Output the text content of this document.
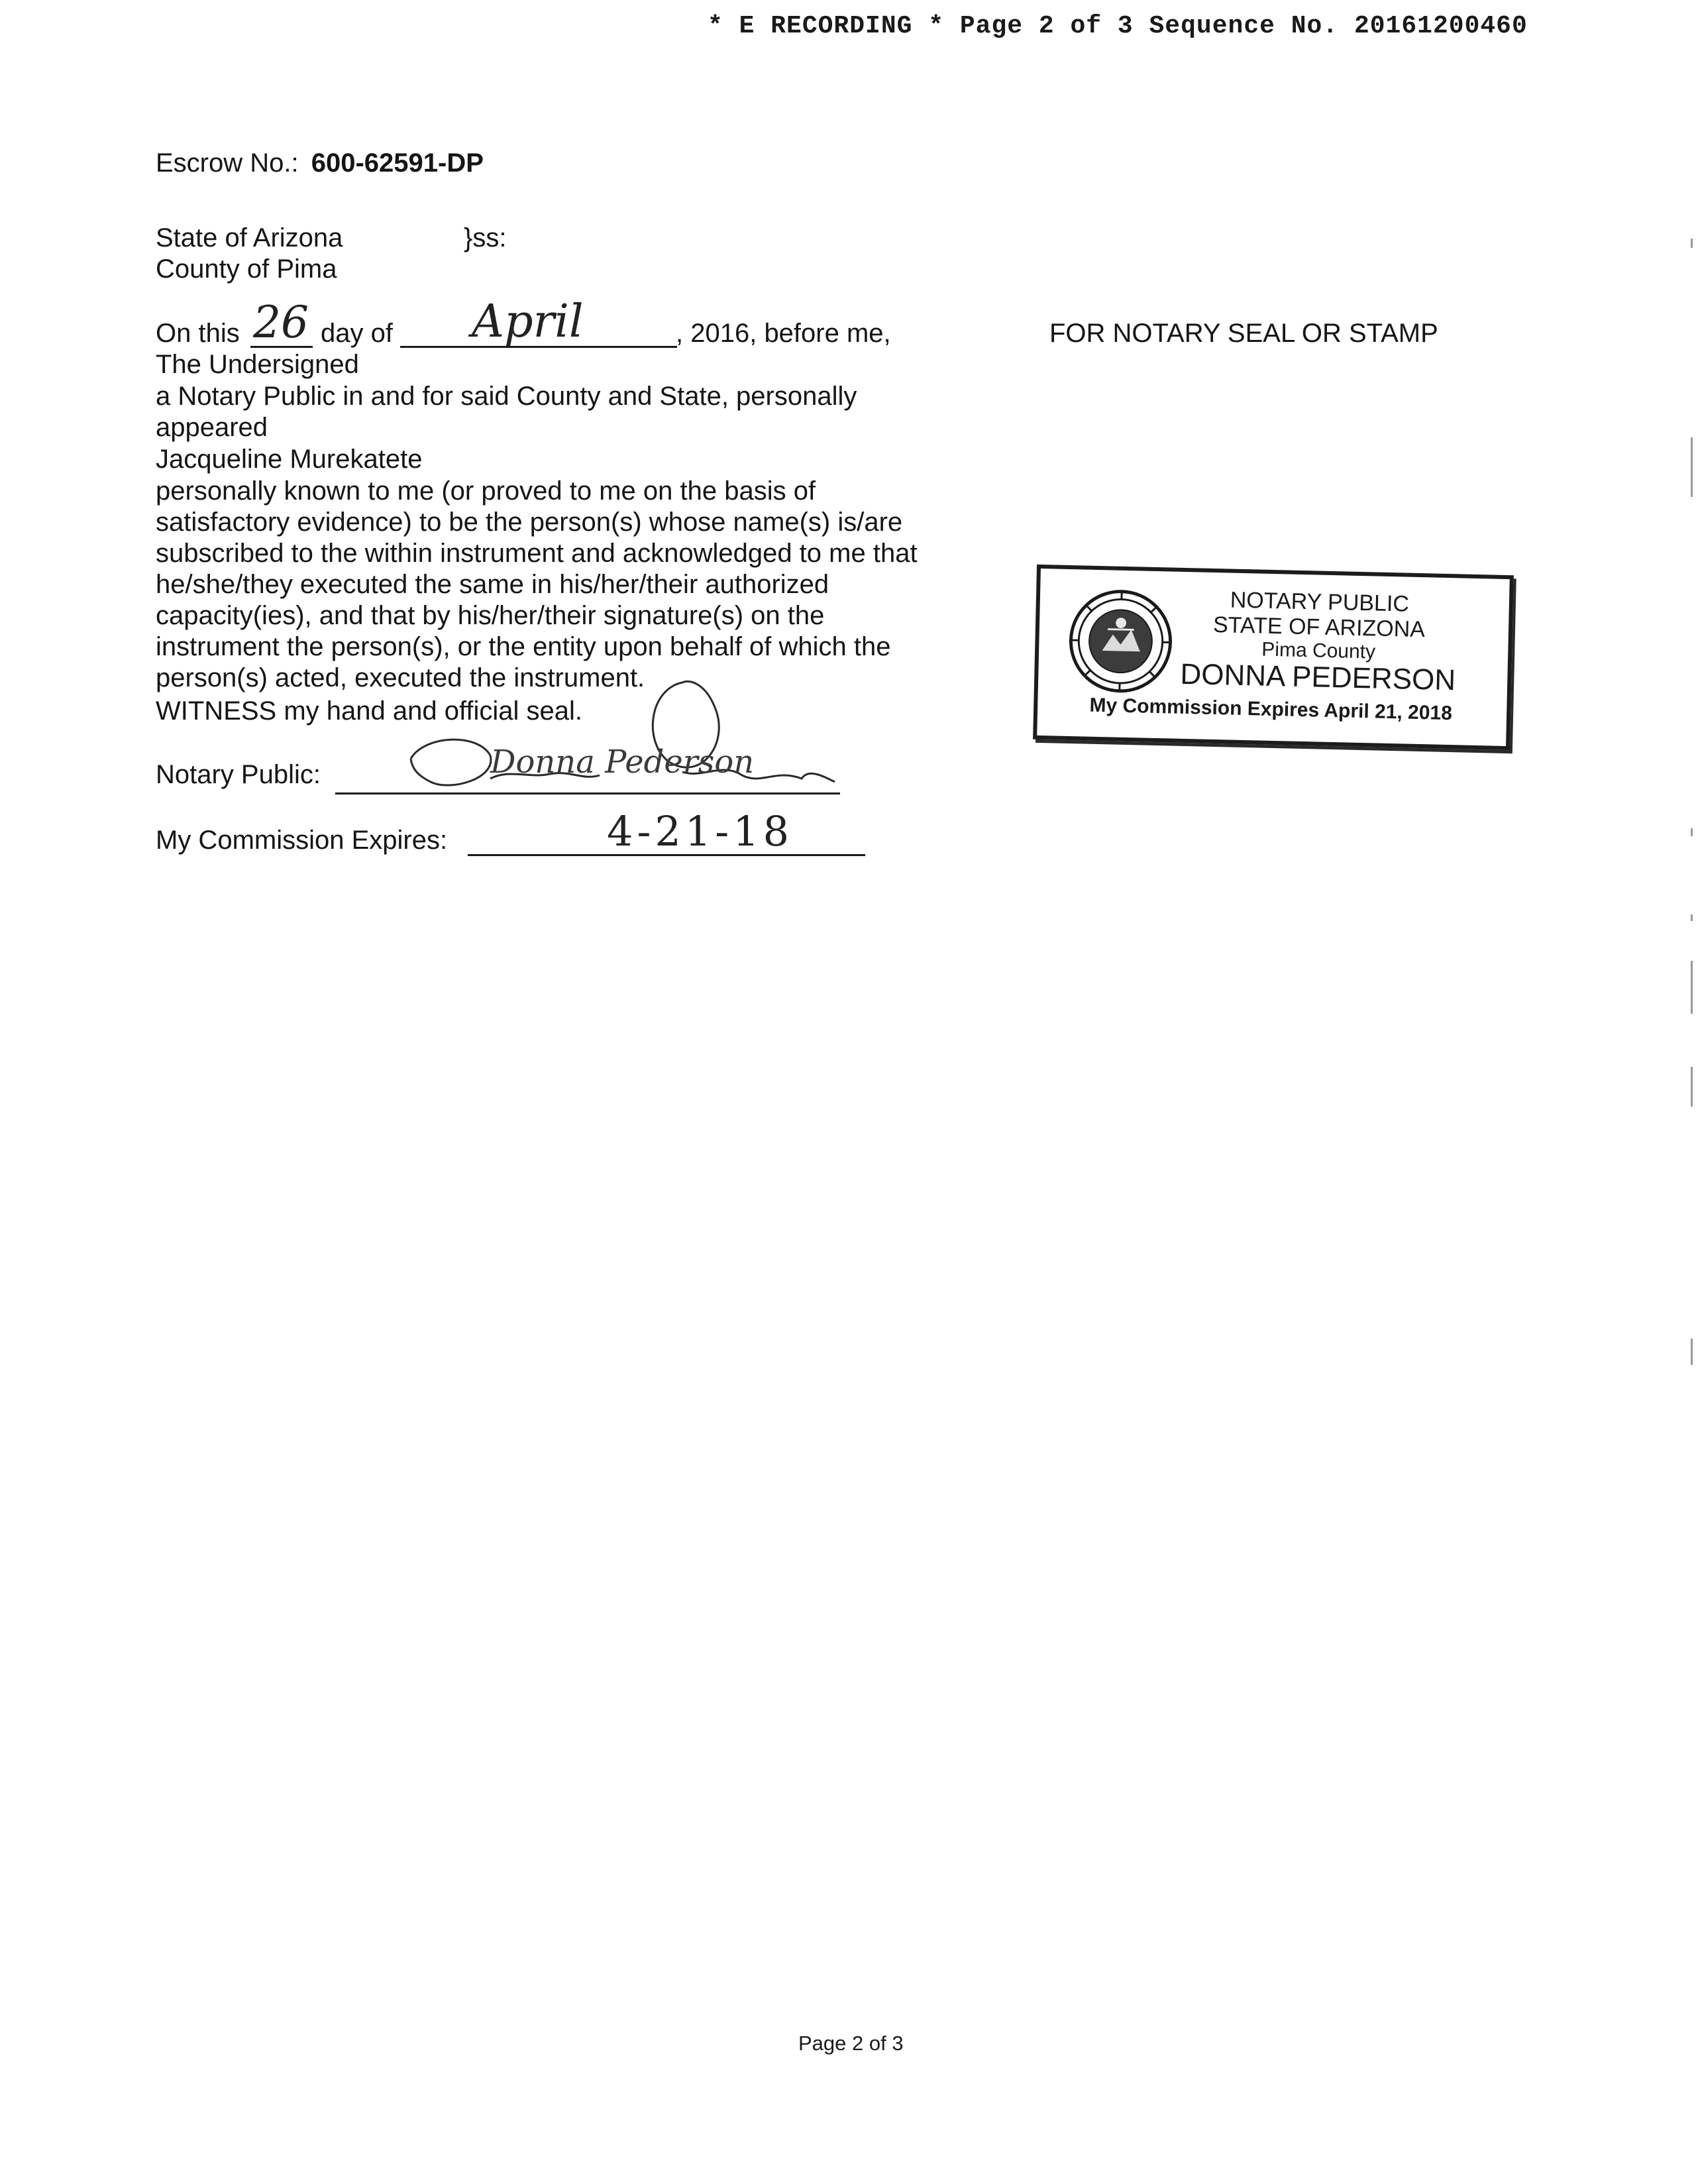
* E RECORDING * Page 2 of 3 Sequence No. 20161200460
Escrow No.: 600-62591-DP
State of Arizona	}ss:
County of Pima
On this 26 day of April	, 2016, before me,
The Undersigned
a Notary Public in and for said County and State, personally
appeared
Jacqueline Murekatete
personally known to me (or proved to me on the basis of
satisfactory evidence) to be the person(s) whose name(s) is/are
subscribed to the within instrument and acknowledged to me that
he/she/they executed the same in his/her/their authorized
capacity(ies), and that by his/her/their signature(s) on the
instrument the person(s), or the entity upon behalf of which the
person(s) acted, executed the instrument.
WITNESS my hand and official seal.
Notary Public:	Donna Pederson
My Commission Expires:	4-21-18
FOR NOTARY SEAL OR STAMP
NOTARY PUBLIC
STATE OF ARIZONA
Pima County
DONNA PEDERSON
My Commission Expires April 21, 2018
Page 2 of 3
